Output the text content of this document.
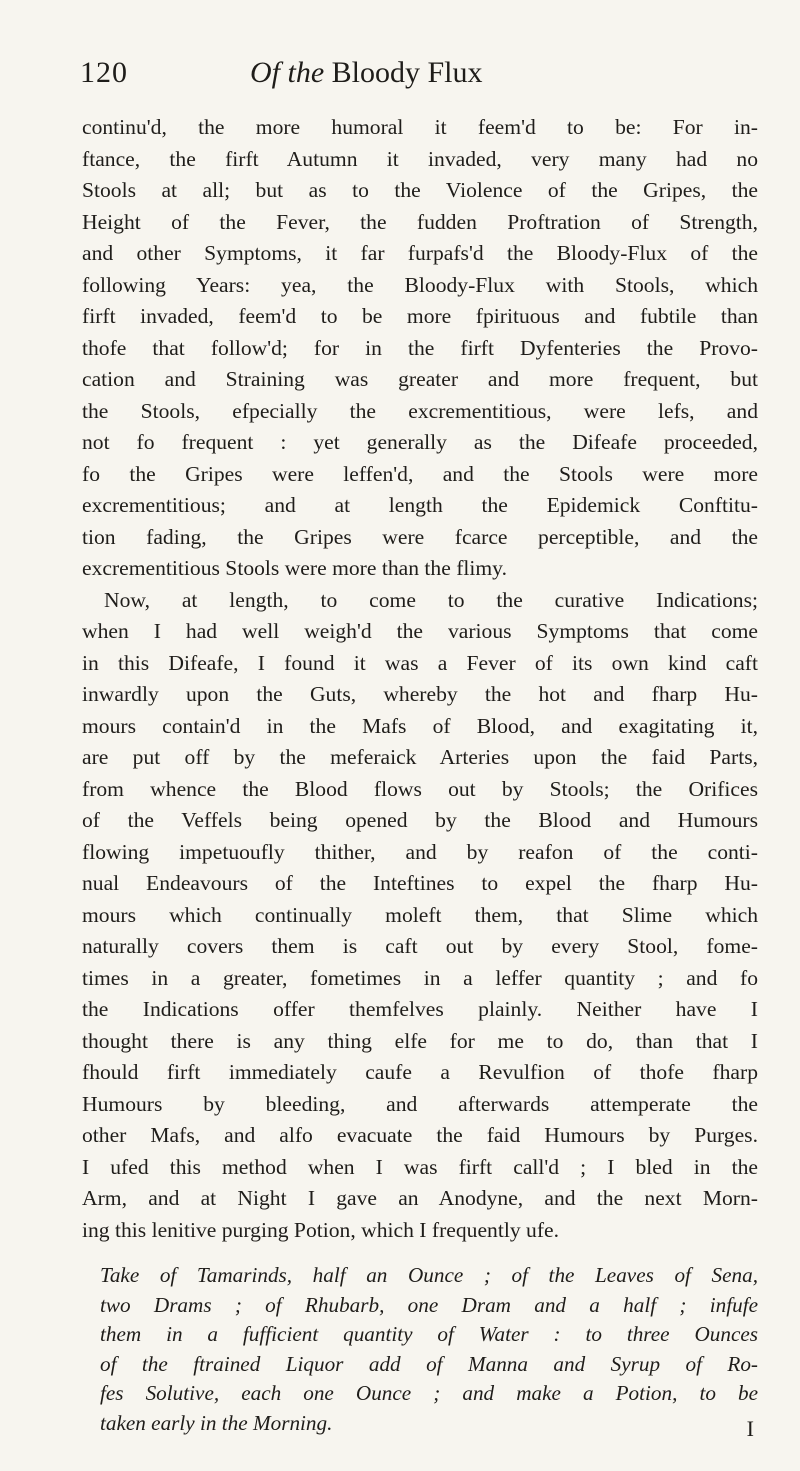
120	Of the Bloody Flux
continu'd, the more humoral it feem'd to be: For in-
ftance, the firft Autumn it invaded, very many had no
Stools at all; but as to the Violence of the Gripes, the
Height of the Fever, the fudden Proftration of Strength,
and other Symptoms, it far furpafs'd the Bloody-Flux of the
following Years: yea, the Bloody-Flux with Stools, which
firft invaded, feem'd to be more fpirituous and fubtile than
thofe that follow'd; for in the firft Dyfenteries the Provo-
cation and Straining was greater and more frequent, but
the Stools, efpecially the excrementitious, were lefs, and
not fo frequent : yet generally as the Difeafe proceeded,
fo the Gripes were leffen'd, and the Stools were more
excrementitious; and at length the Epidemick Conftitu-
tion fading, the Gripes were fcarce perceptible, and the
excrementitious Stools were more than the flimy.
Now, at length, to come to the curative Indications;
when I had well weigh'd the various Symptoms that come
in this Difeafe, I found it was a Fever of its own kind caft
inwardly upon the Guts, whereby the hot and fharp Hu-
mours contain'd in the Mafs of Blood, and exagitating it,
are put off by the meferaick Arteries upon the faid Parts,
from whence the Blood flows out by Stools; the Orifices
of the Veffels being opened by the Blood and Humours
flowing impetuoufly thither, and by reafon of the conti-
nual Endeavours of the Inteftines to expel the fharp Hu-
mours which continually moleft them, that Slime which
naturally covers them is caft out by every Stool, fome-
times in a greater, fometimes in a leffer quantity ; and fo
the Indications offer themfelves plainly. Neither have I
thought there is any thing elfe for me to do, than that I
fhould firft immediately caufe a Revulfion of thofe fharp
Humours by bleeding, and afterwards attemperate the
other Mafs, and alfo evacuate the faid Humours by Purges.
I ufed this method when I was firft call'd ; I bled in the
Arm, and at Night I gave an Anodyne, and the next Morn-
ing this lenitive purging Potion, which I frequently ufe.
Take of Tamarinds, half an Ounce ; of the Leaves of Sena,
two Drams ; of Rhubarb, one Dram and a half ; infufe
them in a fufficient quantity of Water : to three Ounces
of the ftrained Liquor add of Manna and Syrup of Ro-
fes Solutive, each one Ounce ; and make a Potion, to be
taken early in the Morning.	I
